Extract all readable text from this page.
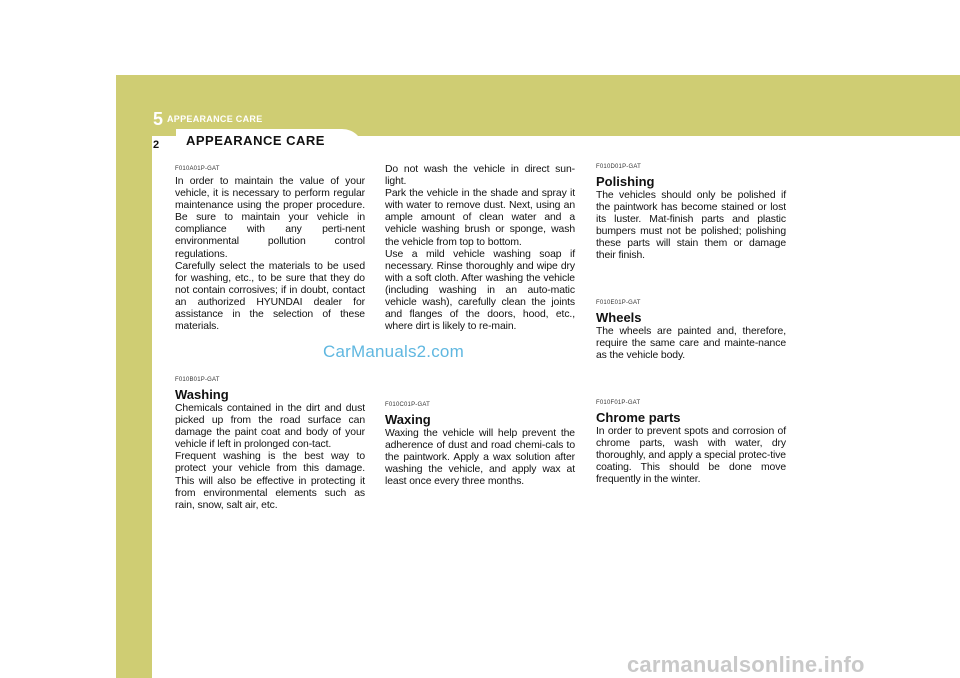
5 APPEARANCE CARE
2 APPEARANCE CARE

F010A01P-GAT

In order to maintain the value of your vehicle, it is necessary to perform regular maintenance using the proper procedure. Be sure to maintain your vehicle in compliance with any perti-nent environmental pollution control regulations.
Carefully select the materials to be used for washing, etc., to be sure that they do not contain corrosives; if in doubt, contact an authorized HYUNDAI dealer for assistance in the selection of these materials.

F010B01P-GAT

Washing

Chemicals contained in the dirt and dust picked up from the road surface can damage the paint coat and body of your vehicle if left in prolonged con-tact.
Frequent washing is the best way to protect your vehicle from this damage. This will also be effective in protecting it from environmental elements such as rain, snow, salt air, etc.

Do not wash the vehicle in direct sun-light.
Park the vehicle in the shade and spray it with water to remove dust. Next, using an ample amount of clean water and a vehicle washing brush or sponge, wash the vehicle from top to bottom.
Use a mild vehicle washing soap if necessary. Rinse thoroughly and wipe dry with a soft cloth. After washing the vehicle (including washing in an auto-matic vehicle wash), carefully clean the joints and flanges of the doors, hood, etc., where dirt is likely to re-main.

F010C01P-GAT

Waxing

Waxing the vehicle will help prevent the adherence of dust and road chemi-cals to the paintwork. Apply a wax solution after washing the vehicle, and apply wax at least once every three months.

F010D01P-GAT

Polishing

The vehicles should only be polished if the paintwork has become stained or lost its luster. Mat-finish parts and plastic bumpers must not be polished; polishing these parts will stain them or damage their finish.

F010E01P-GAT

Wheels

The wheels are painted and, therefore, require the same care and mainte-nance as the vehicle body.

F010F01P-GAT

Chrome parts

In order to prevent spots and corrosion of chrome parts, wash with water, dry thoroughly, and apply a special protec-tive coating. This should be done move frequently in the winter.

CarManuals2.com
carmanualsonline.info
